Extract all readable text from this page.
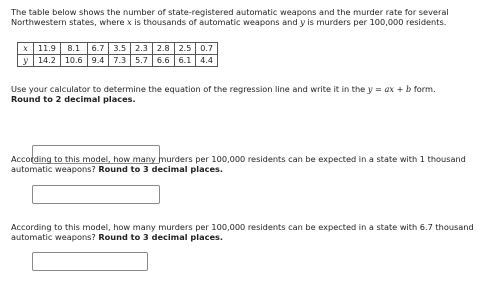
The table below shows the number of state-registered automatic weapons and the murder rate for several Northwestern states, where x is thousands of automatic weapons and y is murders per 100,000 residents.
x	11.9	8.1	6.7	3.5	2.3	2.8	2.5	0.7
y	14.2	10.6	9.4	7.3	5.7	6.6	6.1	4.4
Use your calculator to determine the equation of the regression line and write it in the y = ax + b form.
Round to 2 decimal places.
According to this model, how many murders per 100,000 residents can be expected in a state with 1 thousand automatic weapons? Round to 3 decimal places.
According to this model, how many murders per 100,000 residents can be expected in a state with 6.7 thousand automatic weapons? Round to 3 decimal places.
